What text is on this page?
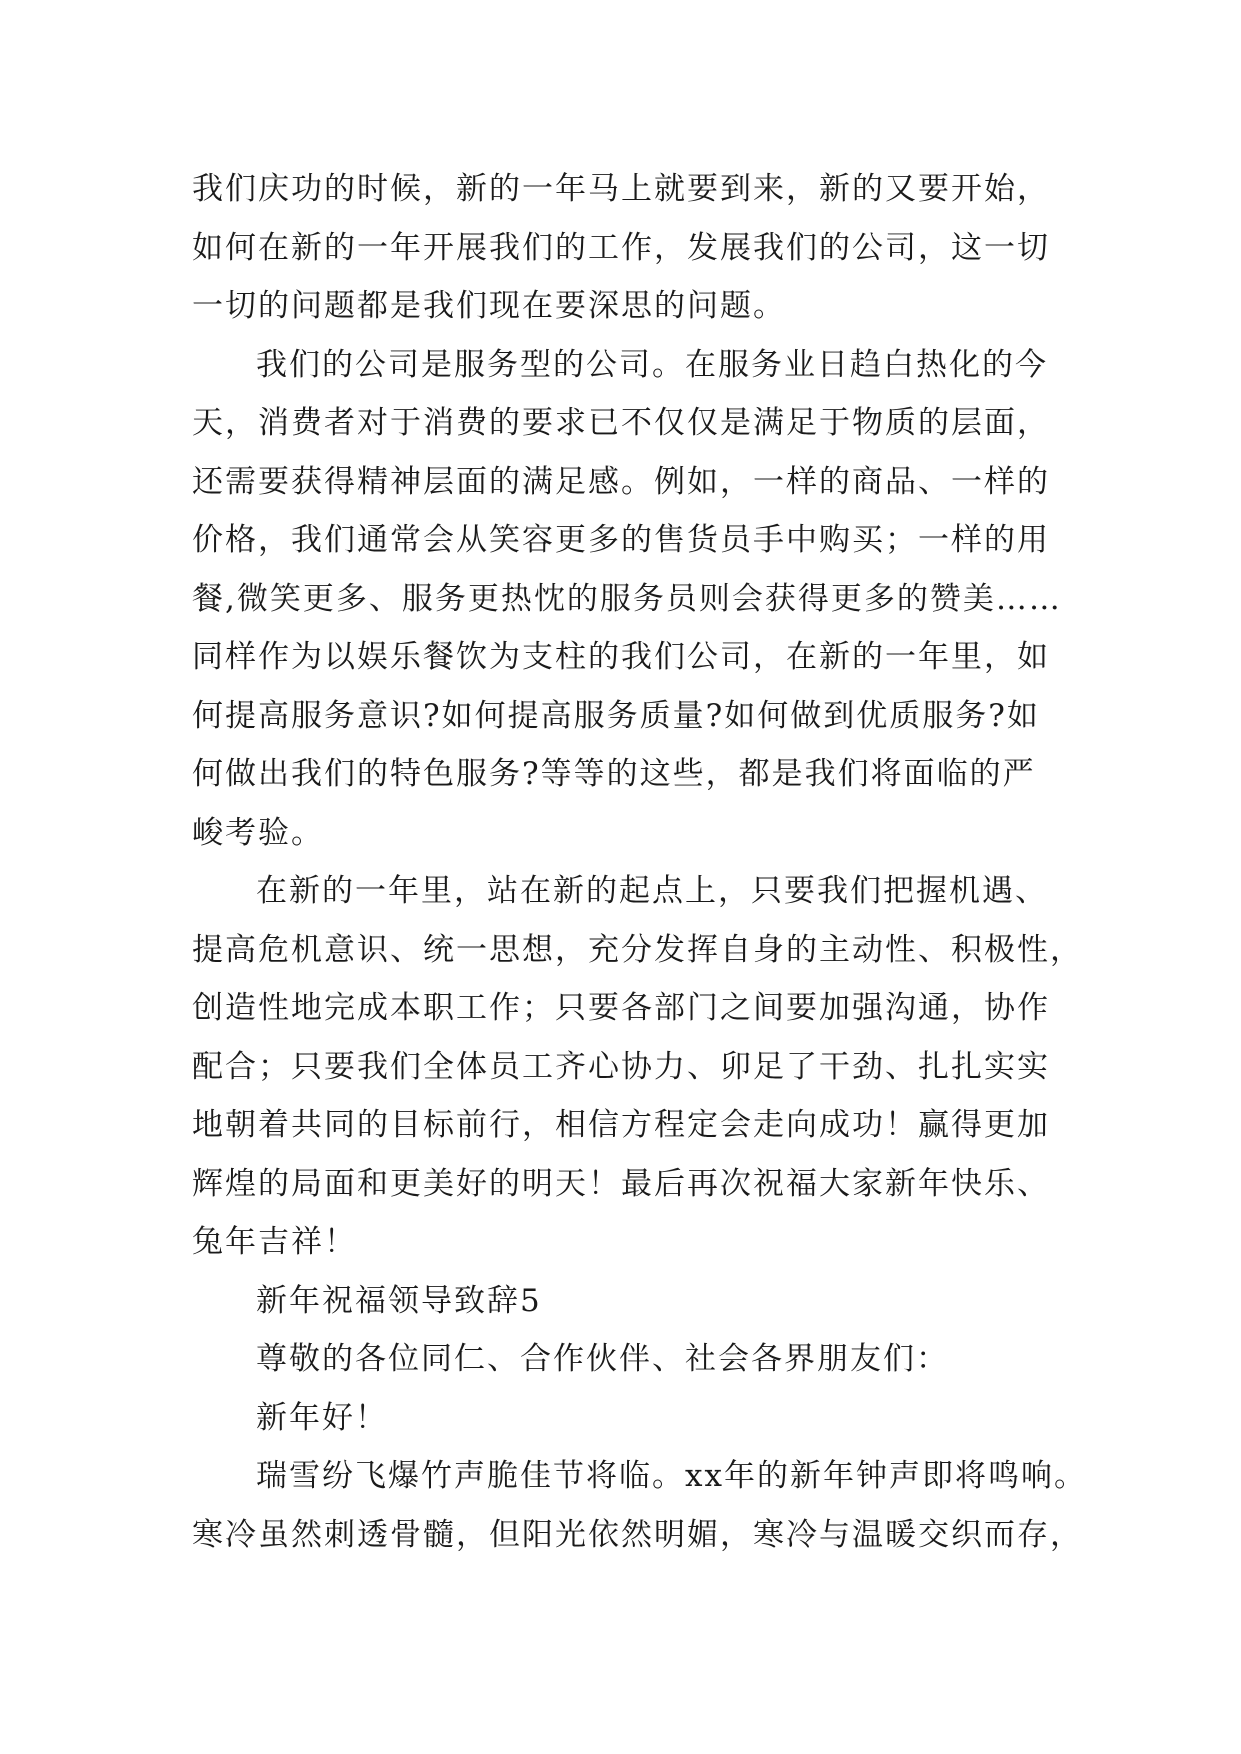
我们庆功的时候，新的一年马上就要到来，新的又要开始，
如何在新的一年开展我们的工作，发展我们的公司，这一切
一切的问题都是我们现在要深思的问题。
我们的公司是服务型的公司。在服务业日趋白热化的今
天，消费者对于消费的要求已不仅仅是满足于物质的层面，
还需要获得精神层面的满足感。例如，一样的商品、一样的
价格，我们通常会从笑容更多的售货员手中购买；一样的用
餐,微笑更多、服务更热忱的服务员则会获得更多的赞美……
同样作为以娱乐餐饮为支柱的我们公司，在新的一年里，如
何提高服务意识?如何提高服务质量?如何做到优质服务?如
何做出我们的特色服务?等等的这些，都是我们将面临的严
峻考验。
在新的一年里，站在新的起点上，只要我们把握机遇、
提高危机意识、统一思想，充分发挥自身的主动性、积极性，
创造性地完成本职工作；只要各部门之间要加强沟通，协作
配合；只要我们全体员工齐心协力、卯足了干劲、扎扎实实
地朝着共同的目标前行，相信方程定会走向成功！赢得更加
辉煌的局面和更美好的明天！最后再次祝福大家新年快乐、
兔年吉祥！
新年祝福领导致辞5
尊敬的各位同仁、合作伙伴、社会各界朋友们：
新年好！
瑞雪纷飞爆竹声脆佳节将临。xx年的新年钟声即将鸣响。
寒冷虽然刺透骨髓，但阳光依然明媚，寒冷与温暖交织而存，
